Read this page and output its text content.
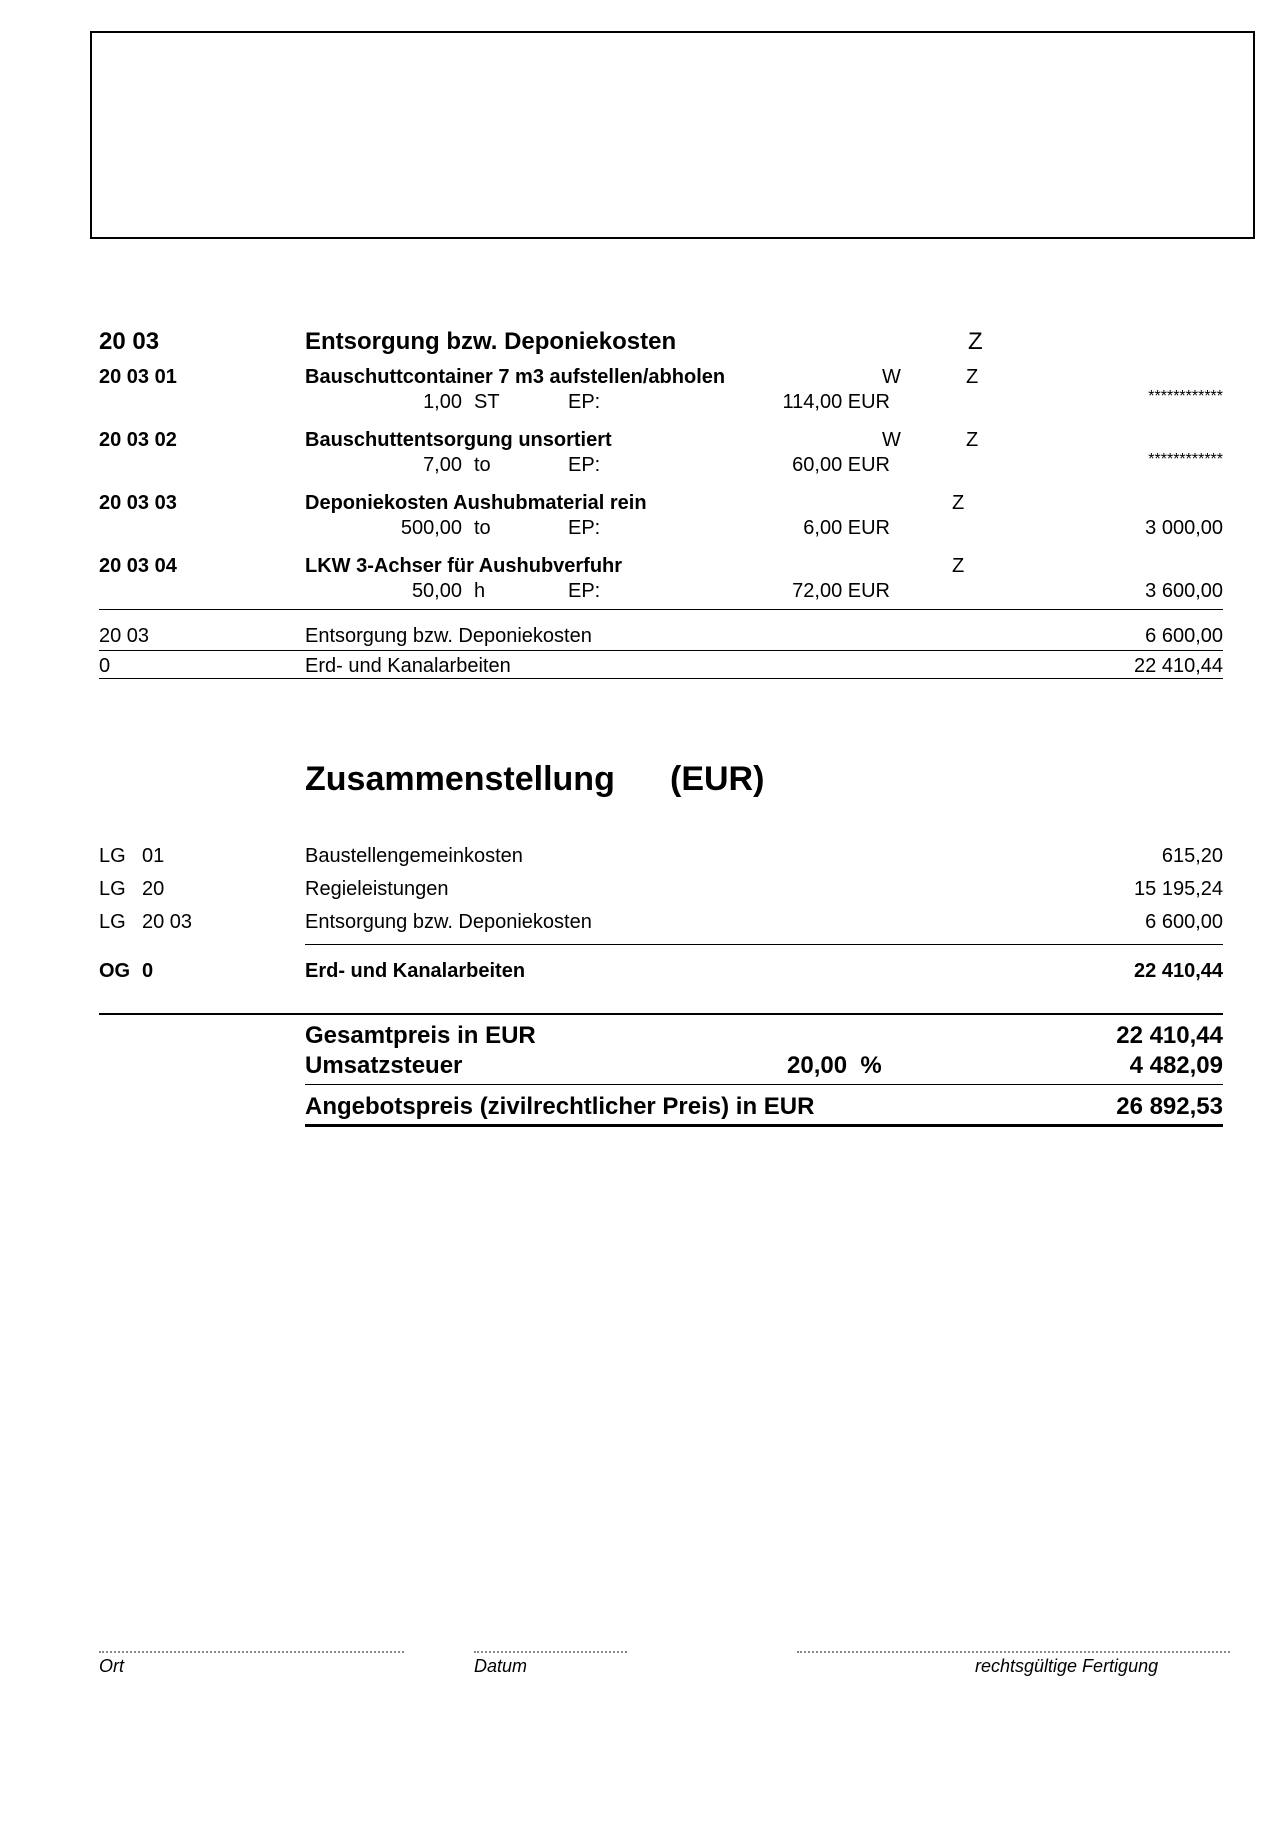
20 03	Entsorgung bzw. Deponiekosten	Z
20 03 01	Bauschuttcontainer 7 m3 aufstellen/abholen	W	Z
1,00 ST	EP:	114,00 EUR	************
20 03 02	Bauschuttentsorgung unsortiert	W	Z
7,00 to	EP:	60,00 EUR	************
20 03 03	Deponiekosten Aushubmaterial rein	Z
500,00 to	EP:	6,00 EUR	3 000,00
20 03 04	LKW 3-Achser für Aushubverfuhr	Z
50,00 h	EP:	72,00 EUR	3 600,00
20 03	Entsorgung bzw. Deponiekosten	6 600,00
0	Erd- und Kanalarbeiten	22 410,44
Zusammenstellung (EUR)
LG 01	Baustellengemeinkosten	615,20
LG 20	Regieleistungen	15 195,24
LG 20 03	Entsorgung bzw. Deponiekosten	6 600,00
OG 0	Erd- und Kanalarbeiten	22 410,44
Gesamtpreis in EUR	22 410,44
Umsatzsteuer	20,00  %	4 482,09
Angebotspreis (zivilrechtlicher Preis) in EUR	26 892,53
Ort	Datum	rechtsgültige Fertigung
